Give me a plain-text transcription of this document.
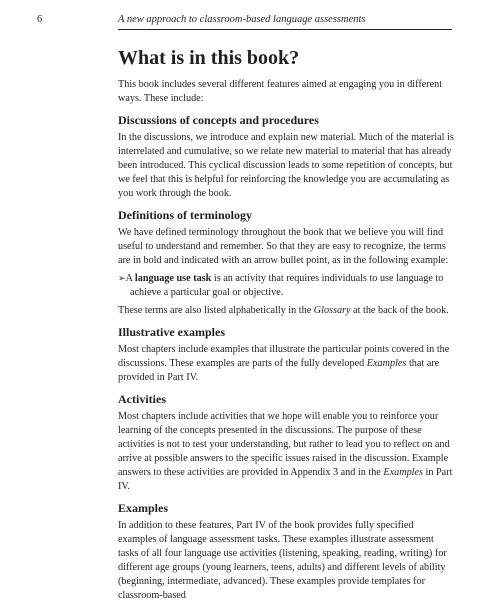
6	A new approach to classroom-based language assessments
What is in this book?

This book includes several different features aimed at engaging you in different ways. These include:

Discussions of concepts and procedures

In the discussions, we introduce and explain new material. Much of the material is interrelated and cumulative, so we relate new material to material that has already been introduced. This cyclical discussion leads to some repetition of concepts, but we feel that this is helpful for reinforcing the knowledge you are accumulating as you work through the book.

Definitions of terminology

We have defined terminology throughout the book that we believe you will find useful to understand and remember. So that they are easy to recognize, the terms are in bold and indicated with an arrow bullet point, as in the following example:

➢A language use task is an activity that requires individuals to use language to achieve a particular goal or objective.

These terms are also listed alphabetically in the Glossary at the back of the book.

Illustrative examples

Most chapters include examples that illustrate the particular points covered in the discussions. These examples are parts of the fully developed Examples that are provided in Part IV.

Activities

Most chapters include activities that we hope will enable you to reinforce your learning of the concepts presented in the discussions. The purpose of these activities is not to test your understanding, but rather to lead you to reflect on and arrive at possible answers to the specific issues raised in the discussion. Example answers to these activities are provided in Appendix 3 and in the Examples in Part IV.

Examples

In addition to these features, Part IV of the book provides fully specified examples of language assessment tasks. These examples illustrate assessment tasks of all four language use activities (listening, speaking, reading, writing) for different age groups (young learners, teens, adults) and different levels of ability (beginning, intermediate, advanced). These examples provide templates for classroom-based
